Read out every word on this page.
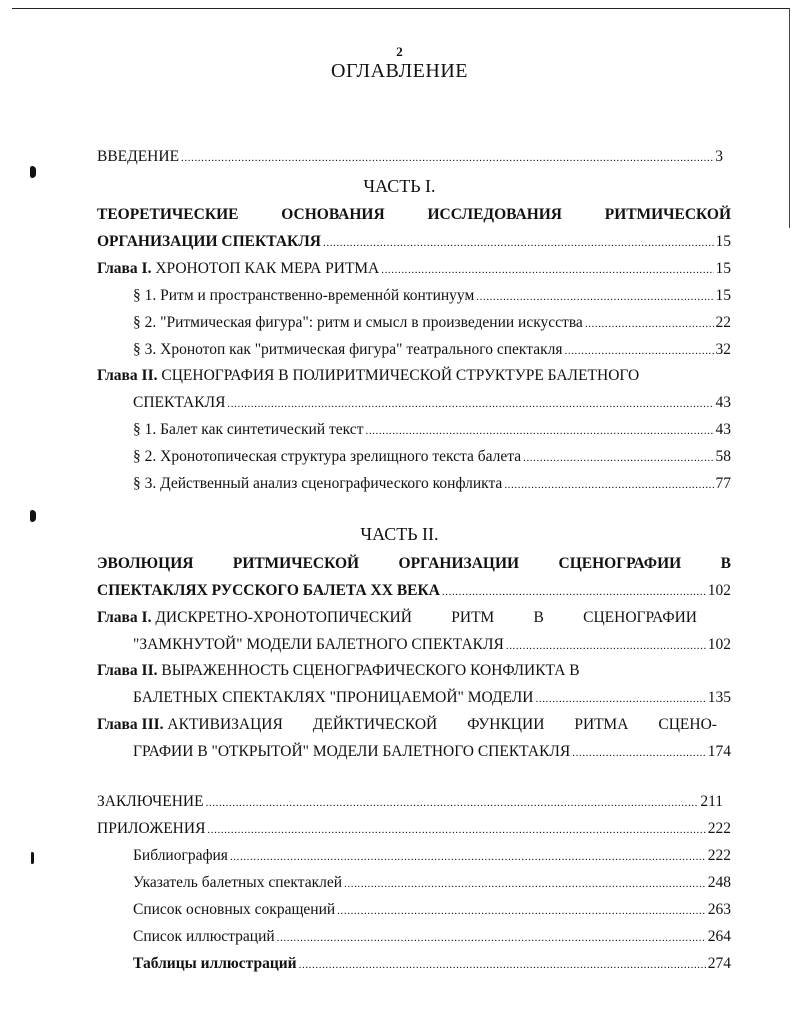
2
ОГЛАВЛЕНИЕ
ВВЕДЕНИЕ .....	3
ЧАСТЬ I.
ТЕОРЕТИЧЕСКИЕ	ОСНОВАНИЯ	ИССЛЕДОВАНИЯ	РИТМИЧЕСКОЙ
ОРГАНИЗАЦИИ СПЕКТАКЛЯ .....	15
Глава I. ХРОНОТОП КАК МЕРА РИТМА .....	15
§ 1. Ритм и пространственно-временнóй континуум .....	15
§ 2. "Ритмическая фигура": ритм и смысл в произведении искусства .....	22
§ 3. Хронотоп как "ритмическая фигура" театрального спектакля .....	32
Глава II. СЦЕНОГРАФИЯ В ПОЛИРИТМИЧЕСКОЙ СТРУКТУРЕ БАЛЕТНОГО
СПЕКТАКЛЯ .....	43
§ 1. Балет как синтетический текст .....	43
§ 2. Хронотопическая структура зрелищного текста балета .....	58
§ 3. Действенный анализ сценографического конфликта .....	77
ЧАСТЬ II.
ЭВОЛЮЦИЯ	РИТМИЧЕСКОЙ	ОРГАНИЗАЦИИ	СЦЕНОГРАФИИ	В
СПЕКТАКЛЯХ РУССКОГО БАЛЕТА XX ВЕКА .....	102
Глава I. ДИСКРЕТНО-ХРОНОТОПИЧЕСКИЙ	РИТМ	В	СЦЕНОГРАФИИ
"ЗАМКНУТОЙ" МОДЕЛИ БАЛЕТНОГО СПЕКТАКЛЯ .....	102
Глава II. ВЫРАЖЕННОСТЬ СЦЕНОГРАФИЧЕСКОГО КОНФЛИКТА В
БАЛЕТНЫХ СПЕКТАКЛЯХ "ПРОНИЦАЕМОЙ" МОДЕЛИ .....	135
Глава III. АКТИВИЗАЦИЯ ДЕЙКТИЧЕСКОЙ ФУНКЦИИ РИТМА СЦЕНО-
ГРАФИИ В "ОТКРЫТОЙ" МОДЕЛИ БАЛЕТНОГО СПЕКТАКЛЯ .....	174
ЗАКЛЮЧЕНИЕ .....	211
ПРИЛОЖЕНИЯ .....	222
Библиография .....	222
Указатель балетных спектаклей .....	248
Список основных сокращений .....	263
Список иллюстраций .....	264
Таблицы иллюстраций .....	274
